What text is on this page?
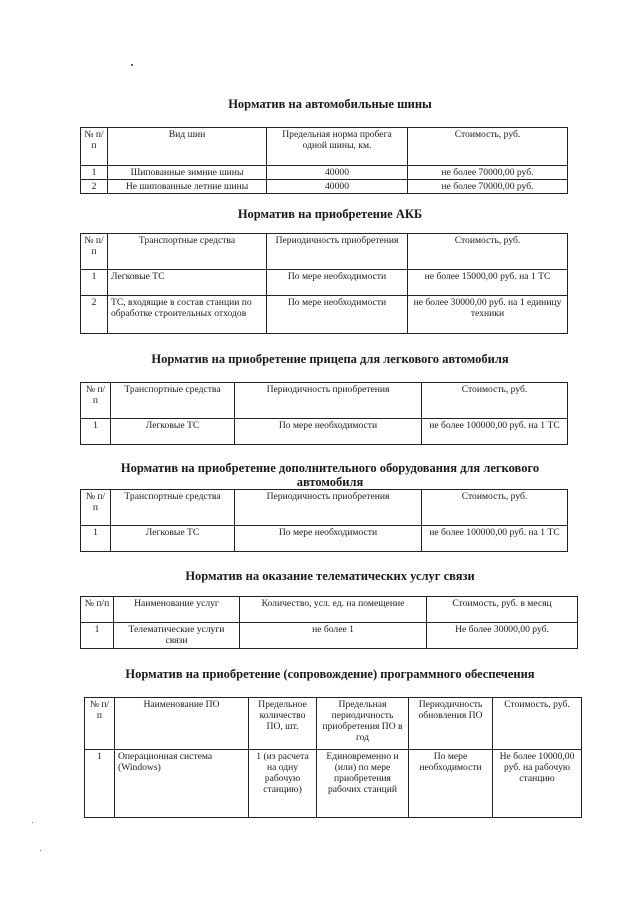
Норматив на автомобильные шины
№ п/п	Вид шин	Предельная норма пробега одной шины, км.	Стоимость, руб.
1	Шипованные зимние шины	40000	не более 70000,00 руб.
2	Не шипованные летние шины	40000	не более 70000,00 руб.
Норматив на приобретение АКБ
№ п/п	Транспортные средства	Периодичность приобретения	Стоимость, руб.
1	Легковые ТС	По мере необходимости	не более 15000,00 руб. на 1 ТС
2	ТС, входящие в состав станции по обработке строительных отходов	По мере необходимости	не более 30000,00 руб. на 1 единицу техники
Норматив на приобретение прицепа для легкового автомобиля
№ п/п	Транспортные средства	Периодичность приобретения	Стоимость, руб.
1	Легковые ТС	По мере необходимости	не более 100000,00 руб. на 1 ТС
Норматив на приобретение дополнительного оборудования для легкового автомобиля
№ п/п	Транспортные средства	Периодичность приобретения	Стоимость, руб.
1	Легковые ТС	По мере необходимости	не более 100000,00 руб. на 1 ТС
Норматив на оказание телематических услуг связи
№ п/п	Наименование услуг	Количество, усл. ед. на помещение	Стоимость, руб. в месяц
1	Телематические услуги связи	не более 1	Не более 30000,00 руб.
Норматив на приобретение (сопровождение) программного обеспечения
№ п/п	Наименование ПО	Предельное количество ПО, шт.	Предельная периодичность приобретения ПО в год	Периодичность обновления ПО	Стоимость, руб.
1	Операционная система (Windows)	1 (из расчета на одну рабочую станцию)	Единовременно и (или) по мере приобретения рабочих станций	По мере необходимости	Не более 10000,00 руб. на рабочую станцию
